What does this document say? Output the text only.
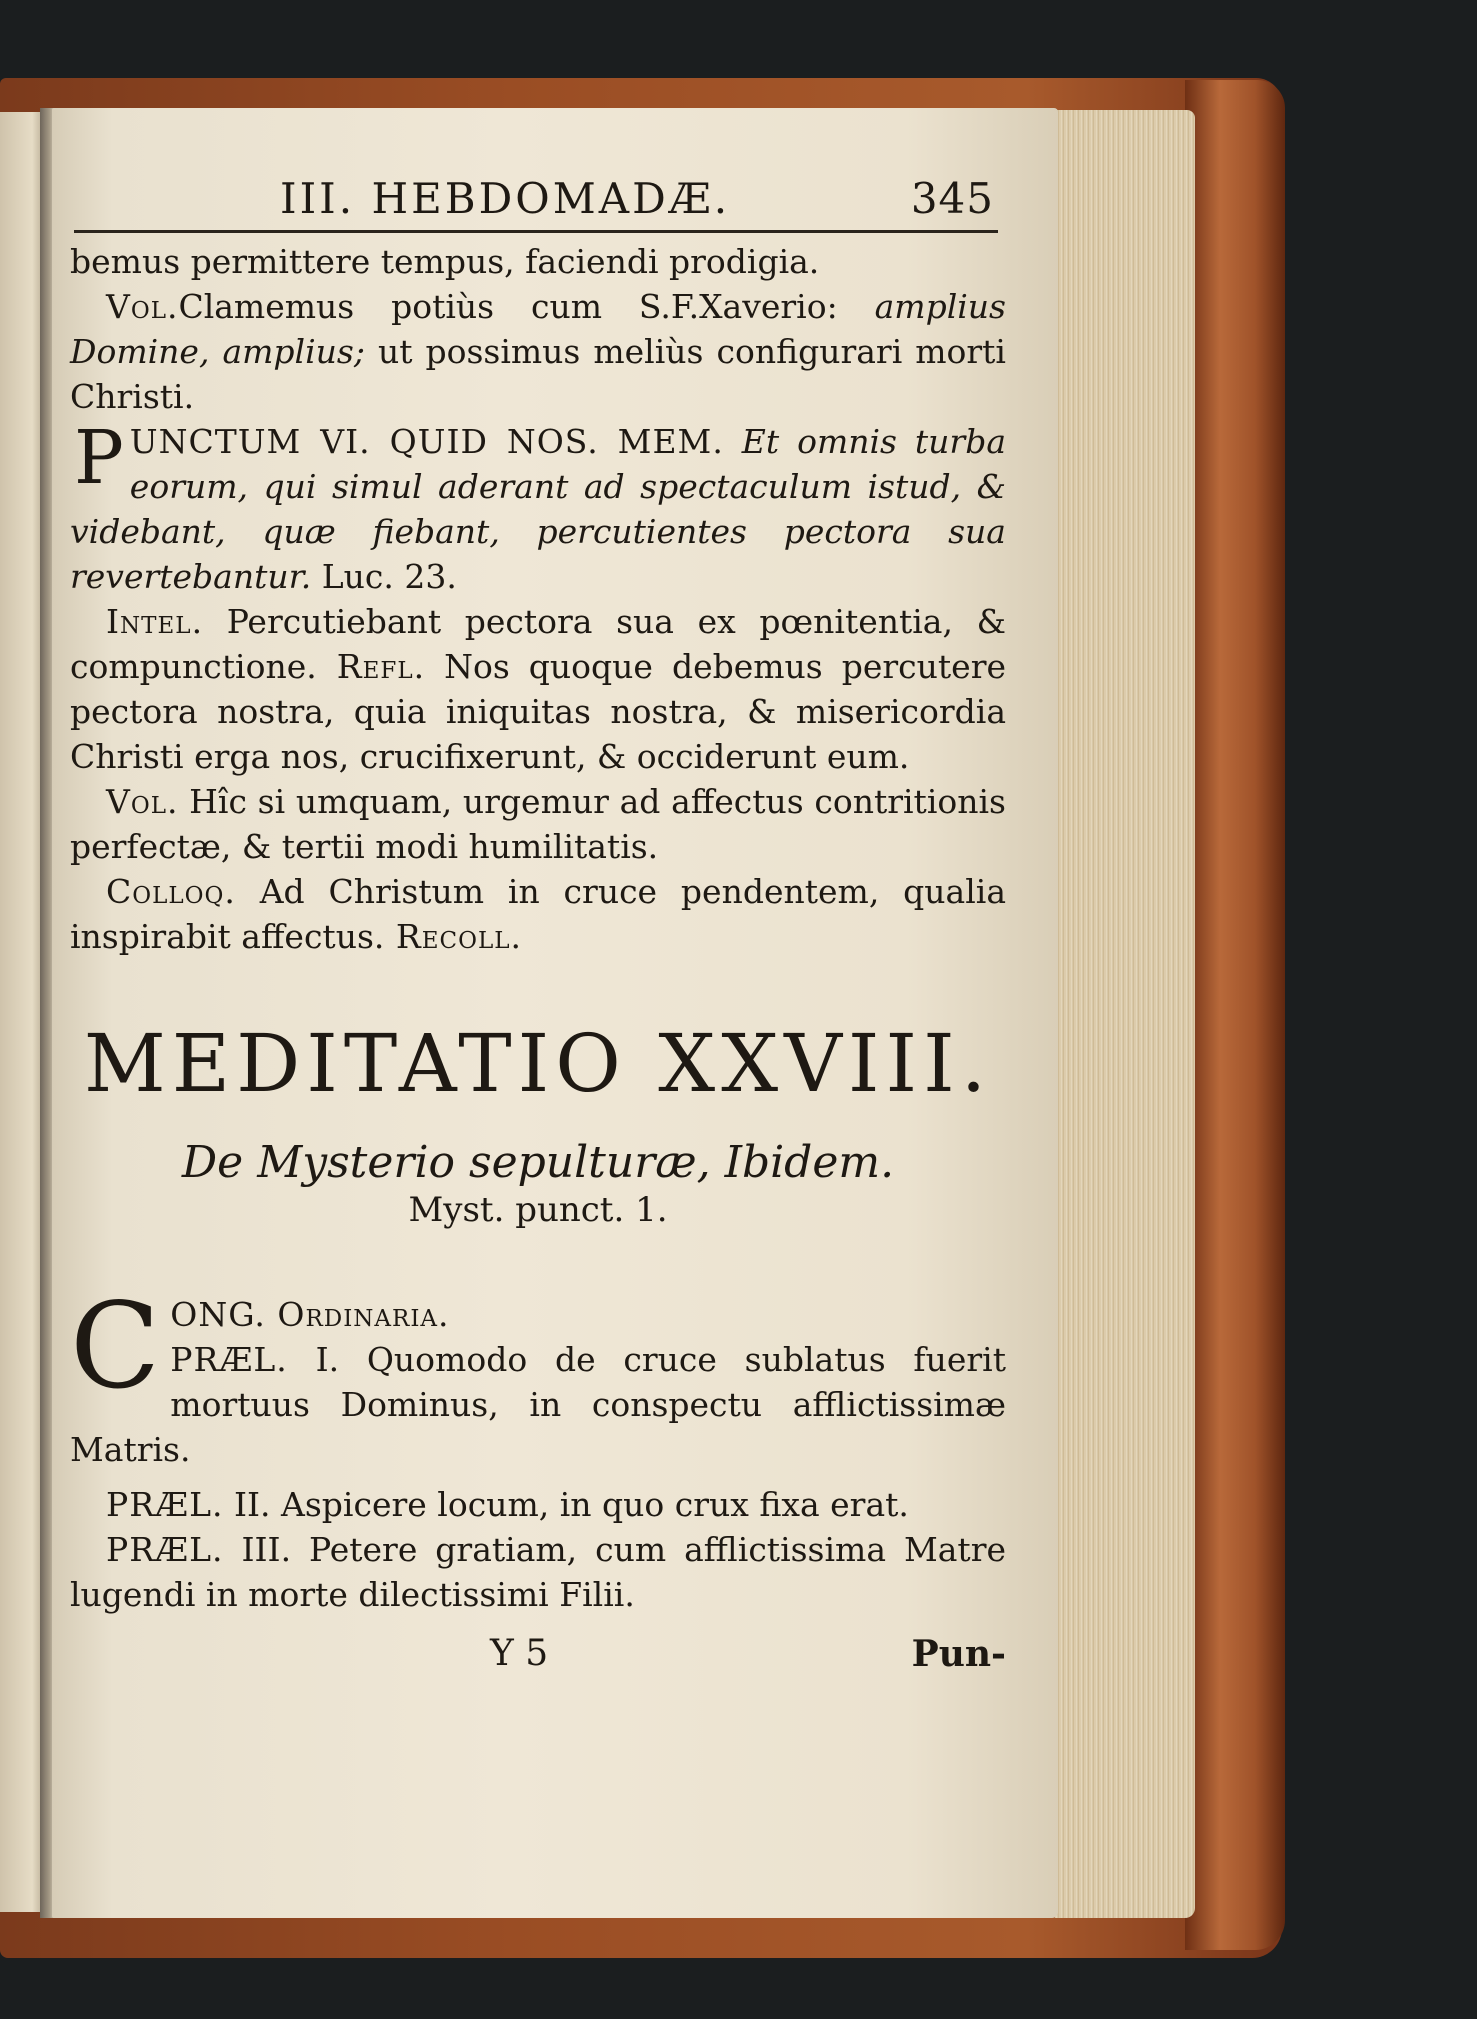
III. HEBDOMADÆ.	345

bemus permittere tempus, faciendi prodigia.

Vol.Clamemus potiùs cum S.F.Xaverio: amplius Domine, amplius; ut possimus meliùs configurari morti Christi.

PUNCTUM VI. QUID NOS. MEM. Et omnis turba eorum, qui simul aderant ad spectaculum istud, & videbant, quæ fiebant, percutientes pectora sua revertebantur. Luc. 23.

Intel. Percutiebant pectora sua ex pœnitentia, & compunctione. Refl. Nos quoque debemus percutere pectora nostra, quia iniquitas nostra, & misericordia Christi erga nos, crucifixerunt, & occiderunt eum.

Vol. Hîc si umquam, urgemur ad affectus contritionis perfectæ, & tertii modi humilitatis.

Colloq. Ad Christum in cruce pendentem, qualia inspirabit affectus. Recoll.

MEDITATIO XXVIII.
De Mysterio sepulturæ, Ibidem.
Myst. punct. 1.

CONG. Ordinaria.
PRÆL. I. Quomodo de cruce sublatus fuerit mortuus Dominus, in conspectu afflictissimæ Matris.

PRÆL. II. Aspicere locum, in quo crux fixa erat.

PRÆL. III. Petere gratiam, cum afflictissima Matre lugendi in morte dilectissimi Filii.

Y 5	Pun-
